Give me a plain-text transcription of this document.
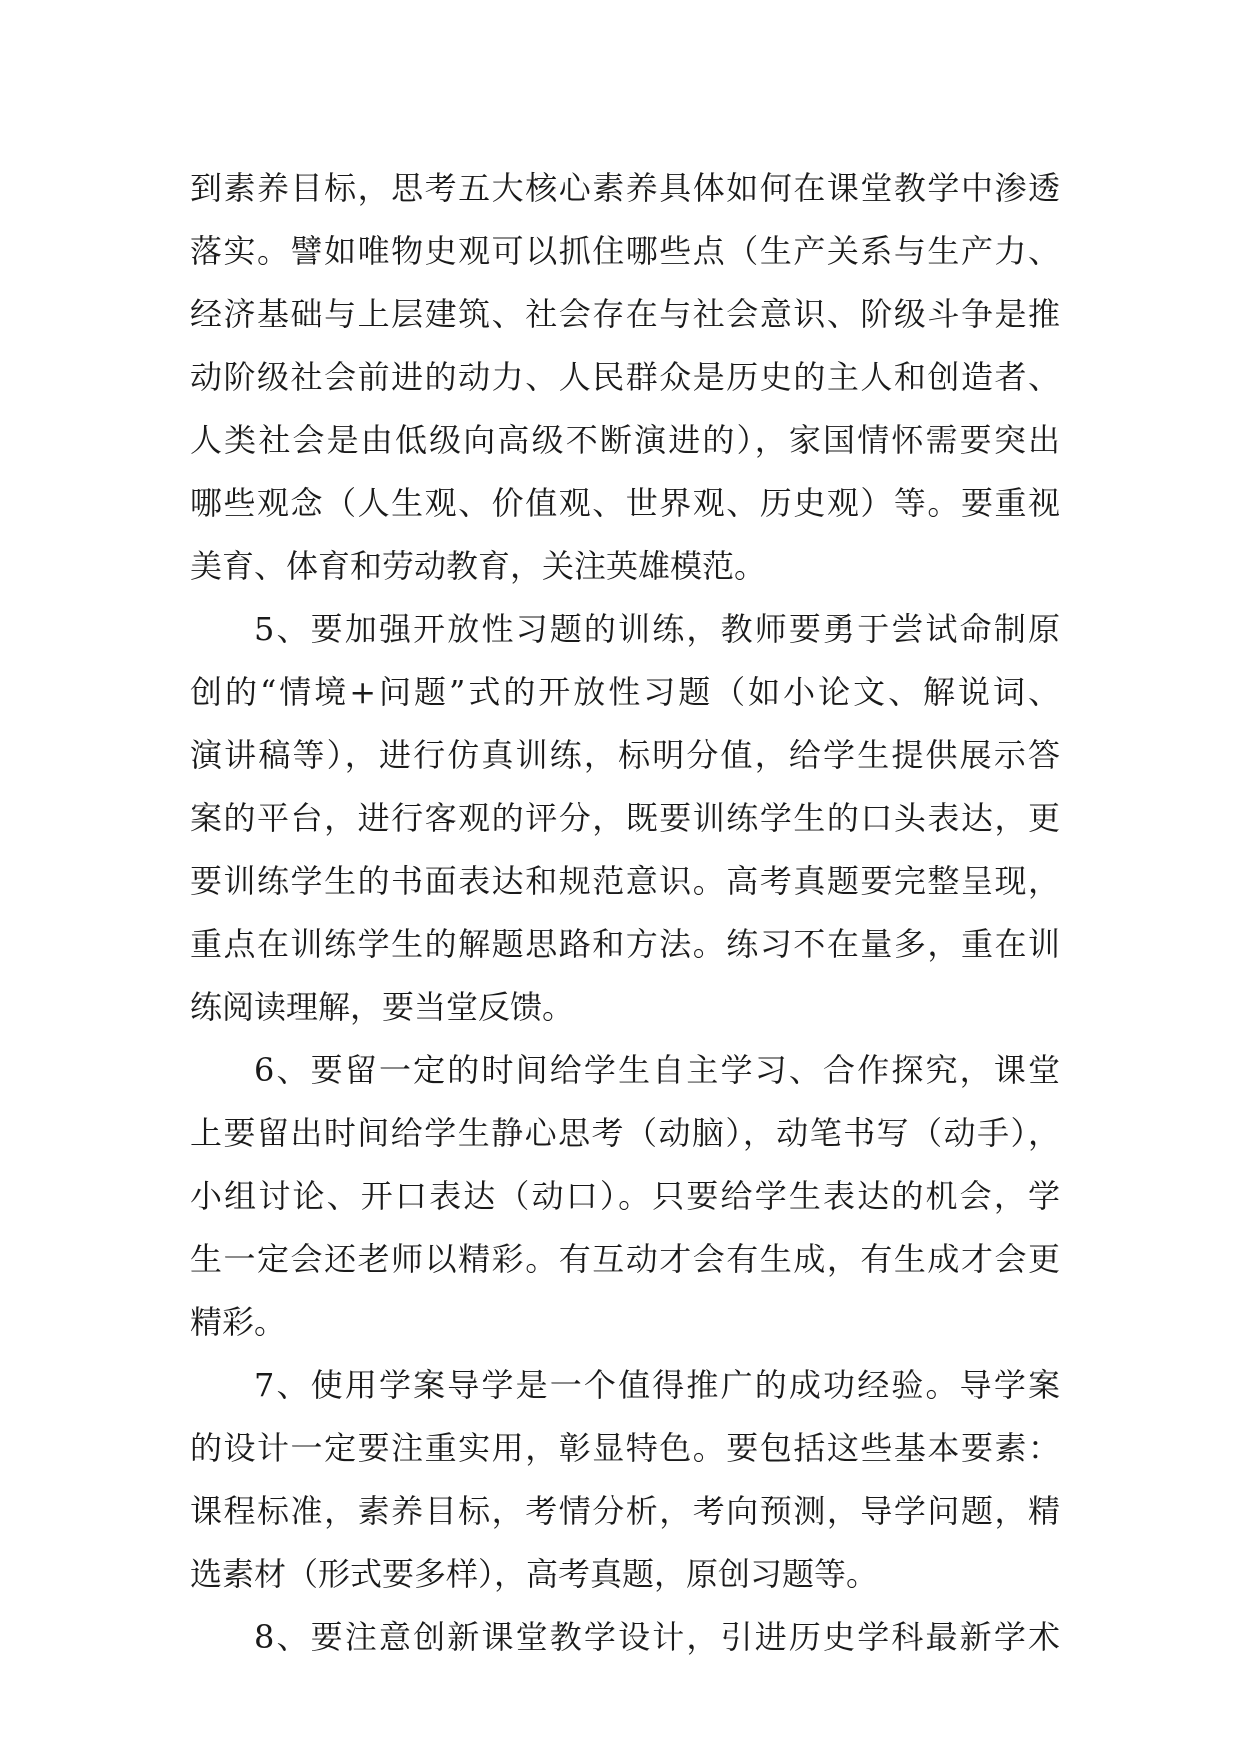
到素养目标，思考五大核心素养具体如何在课堂教学中渗透
落实。譬如唯物史观可以抓住哪些点（生产关系与生产力、
经济基础与上层建筑、社会存在与社会意识、阶级斗争是推
动阶级社会前进的动力、人民群众是历史的主人和创造者、
人类社会是由低级向高级不断演进的），家国情怀需要突出
哪些观念（人生观、价值观、世界观、历史观）等。要重视
美育、体育和劳动教育，关注英雄模范。
5、要加强开放性习题的训练，教师要勇于尝试命制原
创的“情境+问题”式的开放性习题（如小论文、解说词、
演讲稿等），进行仿真训练，标明分值，给学生提供展示答
案的平台，进行客观的评分，既要训练学生的口头表达，更
要训练学生的书面表达和规范意识。高考真题要完整呈现，
重点在训练学生的解题思路和方法。练习不在量多，重在训
练阅读理解，要当堂反馈。
6、要留一定的时间给学生自主学习、合作探究，课堂
上要留出时间给学生静心思考（动脑），动笔书写（动手），
小组讨论、开口表达（动口）。只要给学生表达的机会，学
生一定会还老师以精彩。有互动才会有生成，有生成才会更
精彩。
7、使用学案导学是一个值得推广的成功经验。导学案
的设计一定要注重实用，彰显特色。要包括这些基本要素：
课程标准，素养目标，考情分析，考向预测，导学问题，精
选素材（形式要多样），高考真题，原创习题等。
8、要注意创新课堂教学设计，引进历史学科最新学术
